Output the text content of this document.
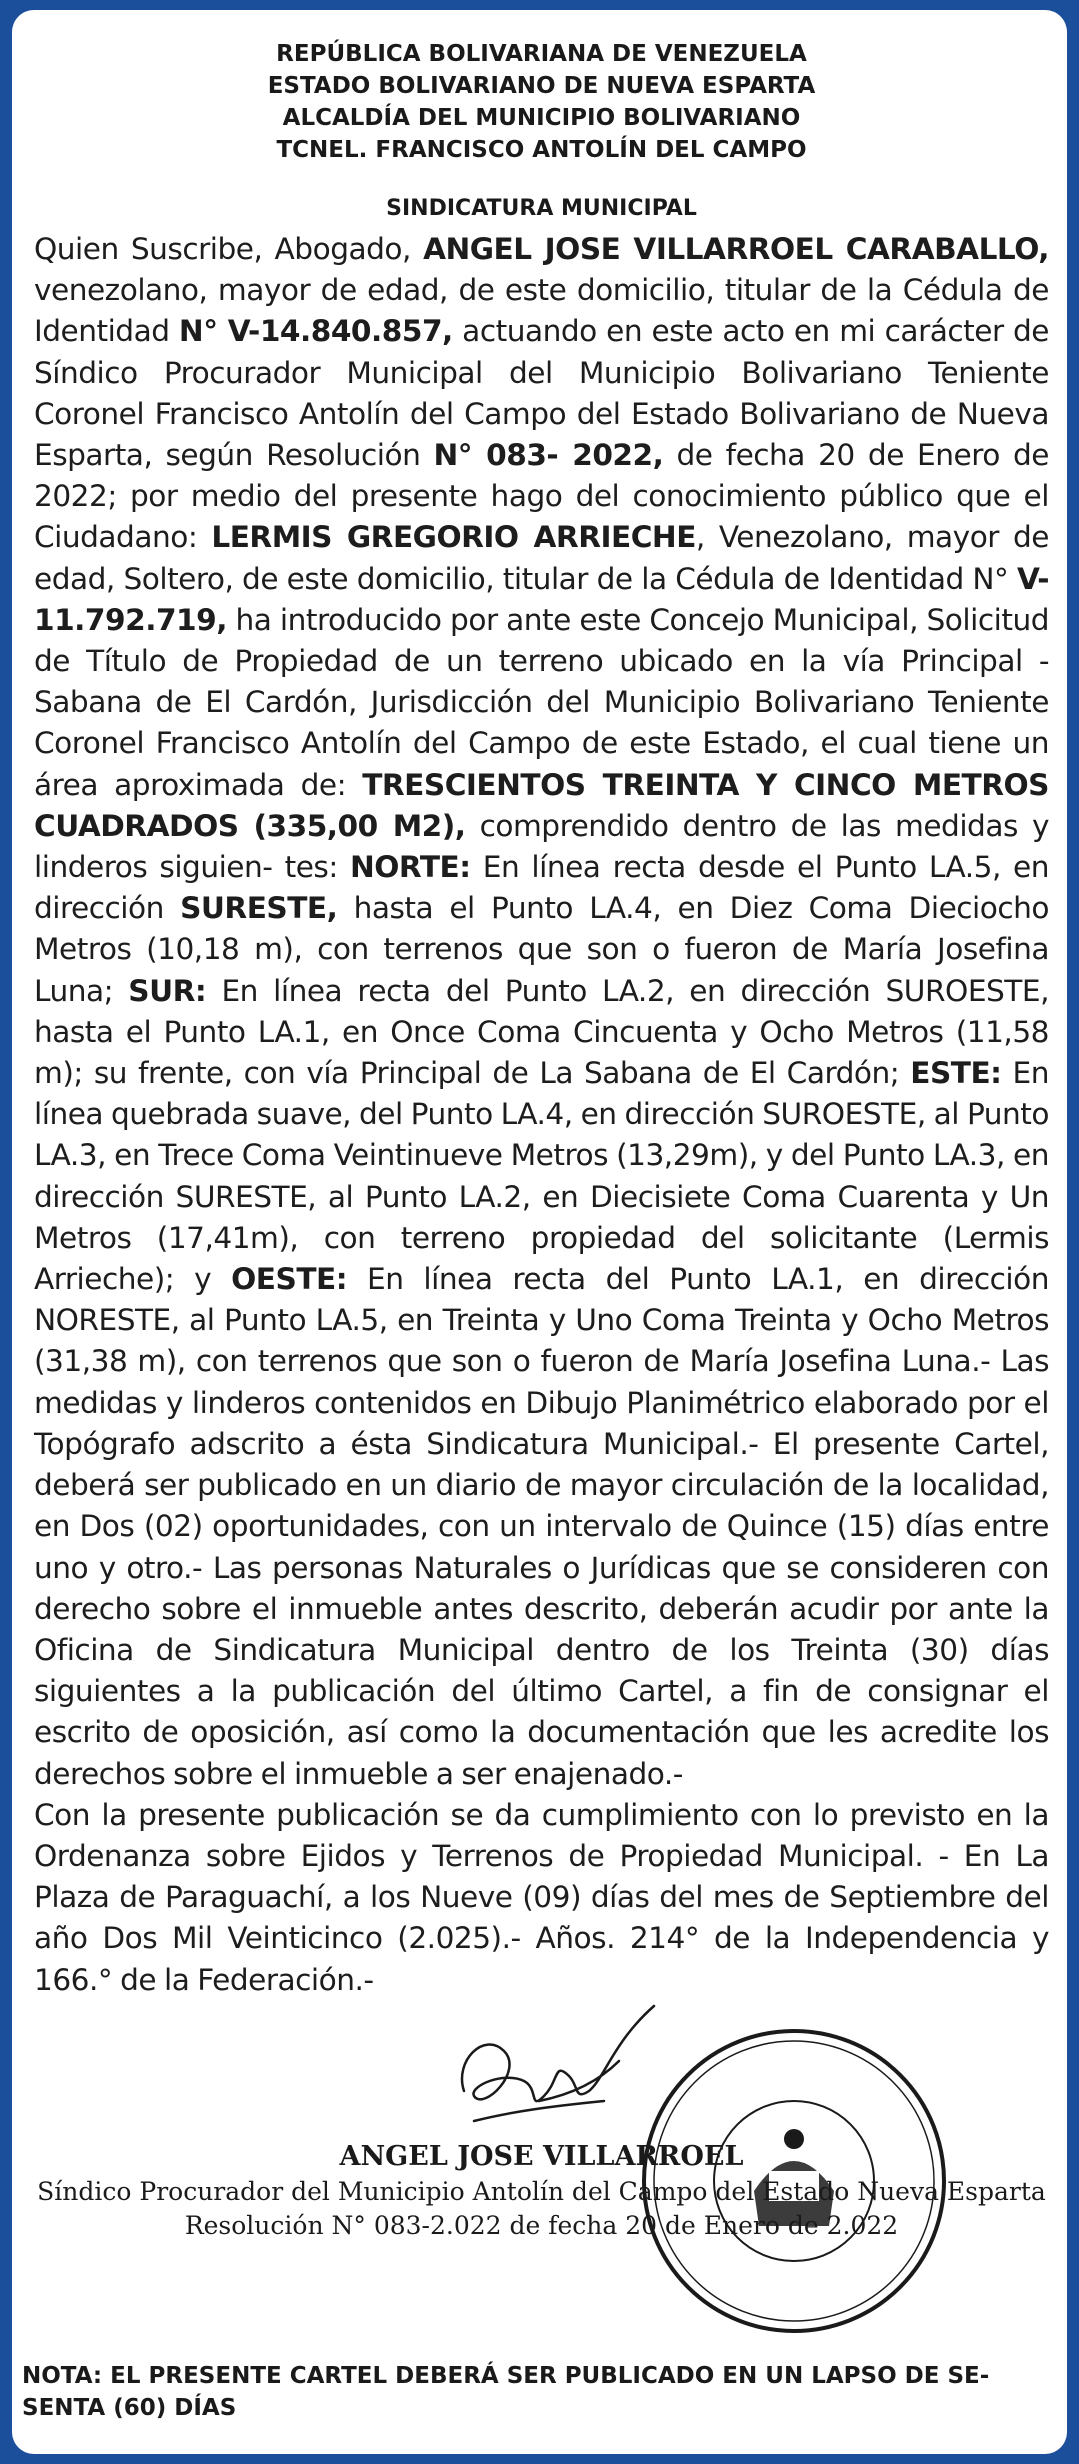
REPÚBLICA BOLIVARIANA DE VENEZUELA
ESTADO BOLIVARIANO DE NUEVA ESPARTA
ALCALDÍA DEL MUNICIPIO BOLIVARIANO
TCNEL. FRANCISCO ANTOLÍN DEL CAMPO
SINDICATURA MUNICIPAL
Quien Suscribe, Abogado, ANGEL JOSE VILLARROEL CARABALLO, venezolano, mayor de edad, de este domicilio, titular de la Cédula de Identidad N° V-14.840.857, actuando en este acto en mi carácter de Síndico Procurador Municipal del Municipio Bolivariano Teniente Coronel Francisco Antolín del Campo del Estado Bolivariano de Nueva Esparta, según Resolución N° 083- 2022, de fecha 20 de Enero de 2022; por medio del presente hago del conocimiento público que el Ciudadano: LERMIS GREGORIO ARRIECHE, Venezolano, mayor de edad, Soltero, de este domicilio, titular de la Cédula de Identidad N° V-11.792.719, ha introducido por ante este Concejo Municipal, Solicitud de Título de Propiedad de un terreno ubicado en la vía Principal - Sabana de El Cardón, Jurisdicción del Municipio Bolivariano Teniente Coronel Francisco Antolín del Campo de este Estado, el cual tiene un área aproximada de: TRESCIENTOS TREINTA Y CINCO METROS CUADRADOS (335,00 M2), comprendido dentro de las medidas y linderos siguien- tes: NORTE: En línea recta desde el Punto LA.5, en dirección SURESTE, hasta el Punto LA.4, en Diez Coma Dieciocho Metros (10,18 m), con terrenos que son o fueron de María Josefina Luna; SUR: En línea recta del Punto LA.2, en dirección SUROESTE, hasta el Punto LA.1, en Once Coma Cincuenta y Ocho Metros (11,58 m); su frente, con vía Principal de La Sabana de El Cardón; ESTE: En línea quebrada suave, del Punto LA.4, en dirección SUROESTE, al Punto LA.3, en Trece Coma Veintinueve Metros (13,29m), y del Punto LA.3, en dirección SURESTE, al Punto LA.2, en Diecisiete Coma Cuarenta y Un Metros (17,41m), con terreno propiedad del solicitante (Lermis Arrieche); y OESTE: En línea recta del Punto LA.1, en dirección NORESTE, al Punto LA.5, en Treinta y Uno Coma Treinta y Ocho Metros (31,38 m), con terrenos que son o fueron de María Josefina Luna.- Las medidas y linderos contenidos en Dibujo Planimétrico elaborado por el Topógrafo adscrito a ésta Sindicatura Municipal.- El presente Cartel, deberá ser publicado en un diario de mayor circulación de la localidad, en Dos (02) oportunidades, con un intervalo de Quince (15) días entre uno y otro.- Las personas Naturales o Jurídicas que se consideren con derecho sobre el inmueble antes descrito, deberán acudir por ante la Oficina de Sindicatura Municipal dentro de los Treinta (30) días siguientes a la publicación del último Cartel, a fin de consignar el escrito de oposición, así como la documentación que les acredite los derechos sobre el inmueble a ser enajenado.-
Con la presente publicación se da cumplimiento con lo previsto en la Ordenanza sobre Ejidos y Terrenos de Propiedad Municipal. - En La Plaza de Paraguachí, a los Nueve (09) días del mes de Septiembre del año Dos Mil Veinticinco (2.025).- Años. 214° de la Independencia y 166.° de la Federación.-
ANGEL JOSE VILLARROEL
Síndico Procurador del Municipio Antolín del Campo del Estado Nueva Esparta
Resolución N° 083-2.022 de fecha 20 de Enero de 2.022
NOTA: EL PRESENTE CARTEL DEBERÁ SER PUBLICADO EN UN LAPSO DE SE-SENTA (60) DÍAS
